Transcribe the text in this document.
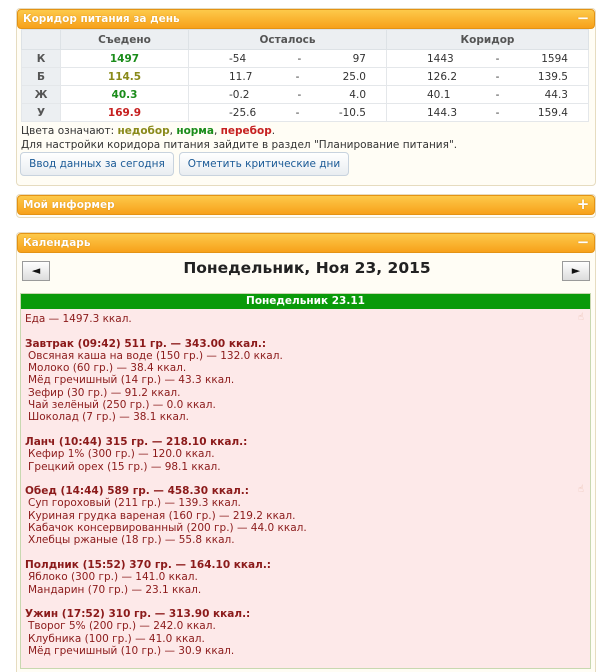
Коридор питания за день	−
	Съедено	Осталось	Коридор
К	1497	-54 - 97	1443 - 1594

Б	114.5	11.7 - 25.0	126.2 - 139.5

Ж	40.3	-0.2 - 4.0	40.1 - 44.3

У	169.9	-25.6 - -10.5	144.3 - 159.4
Цвета означают: недобор, норма, перебор.
Для настройки коридора питания зайдите в раздел "Планирование питания".
Ввод данных за сегодня	Отметить критические дни
Мой информер	+
Календарь	−
◄	Понедельник, Ноя 23, 2015	►
Понедельник 23.11
☝
☝
Еда — 1497.3 ккал.
Завтрак (09:42) 511 гр. — 343.00 ккал.:
Овсяная каша на воде (150 гр.) — 132.0 ккал.
Молоко (60 гр.) — 38.4 ккал.
Мёд гречишный (14 гр.) — 43.3 ккал.
Зефир (30 гр.) — 91.2 ккал.
Чай зелёный (250 гр.) — 0.0 ккал.
Шоколад (7 гр.) — 38.1 ккал.
Ланч (10:44) 315 гр. — 218.10 ккал.:
Кефир 1% (300 гр.) — 120.0 ккал.
Грецкий орех (15 гр.) — 98.1 ккал.
Обед (14:44) 589 гр. — 458.30 ккал.:
Суп гороховый (211 гр.) — 139.3 ккал.
Куриная грудка вареная (160 гр.) — 219.2 ккал.
Кабачок консервированный (200 гр.) — 44.0 ккал.
Хлебцы ржаные (18 гр.) — 55.8 ккал.
Полдник (15:52) 370 гр. — 164.10 ккал.:
Яблоко (300 гр.) — 141.0 ккал.
Мандарин (70 гр.) — 23.1 ккал.
Ужин (17:52) 310 гр. — 313.90 ккал.:
Творог 5% (200 гр.) — 242.0 ккал.
Клубника (100 гр.) — 41.0 ккал.
Мёд гречишный (10 гр.) — 30.9 ккал.
